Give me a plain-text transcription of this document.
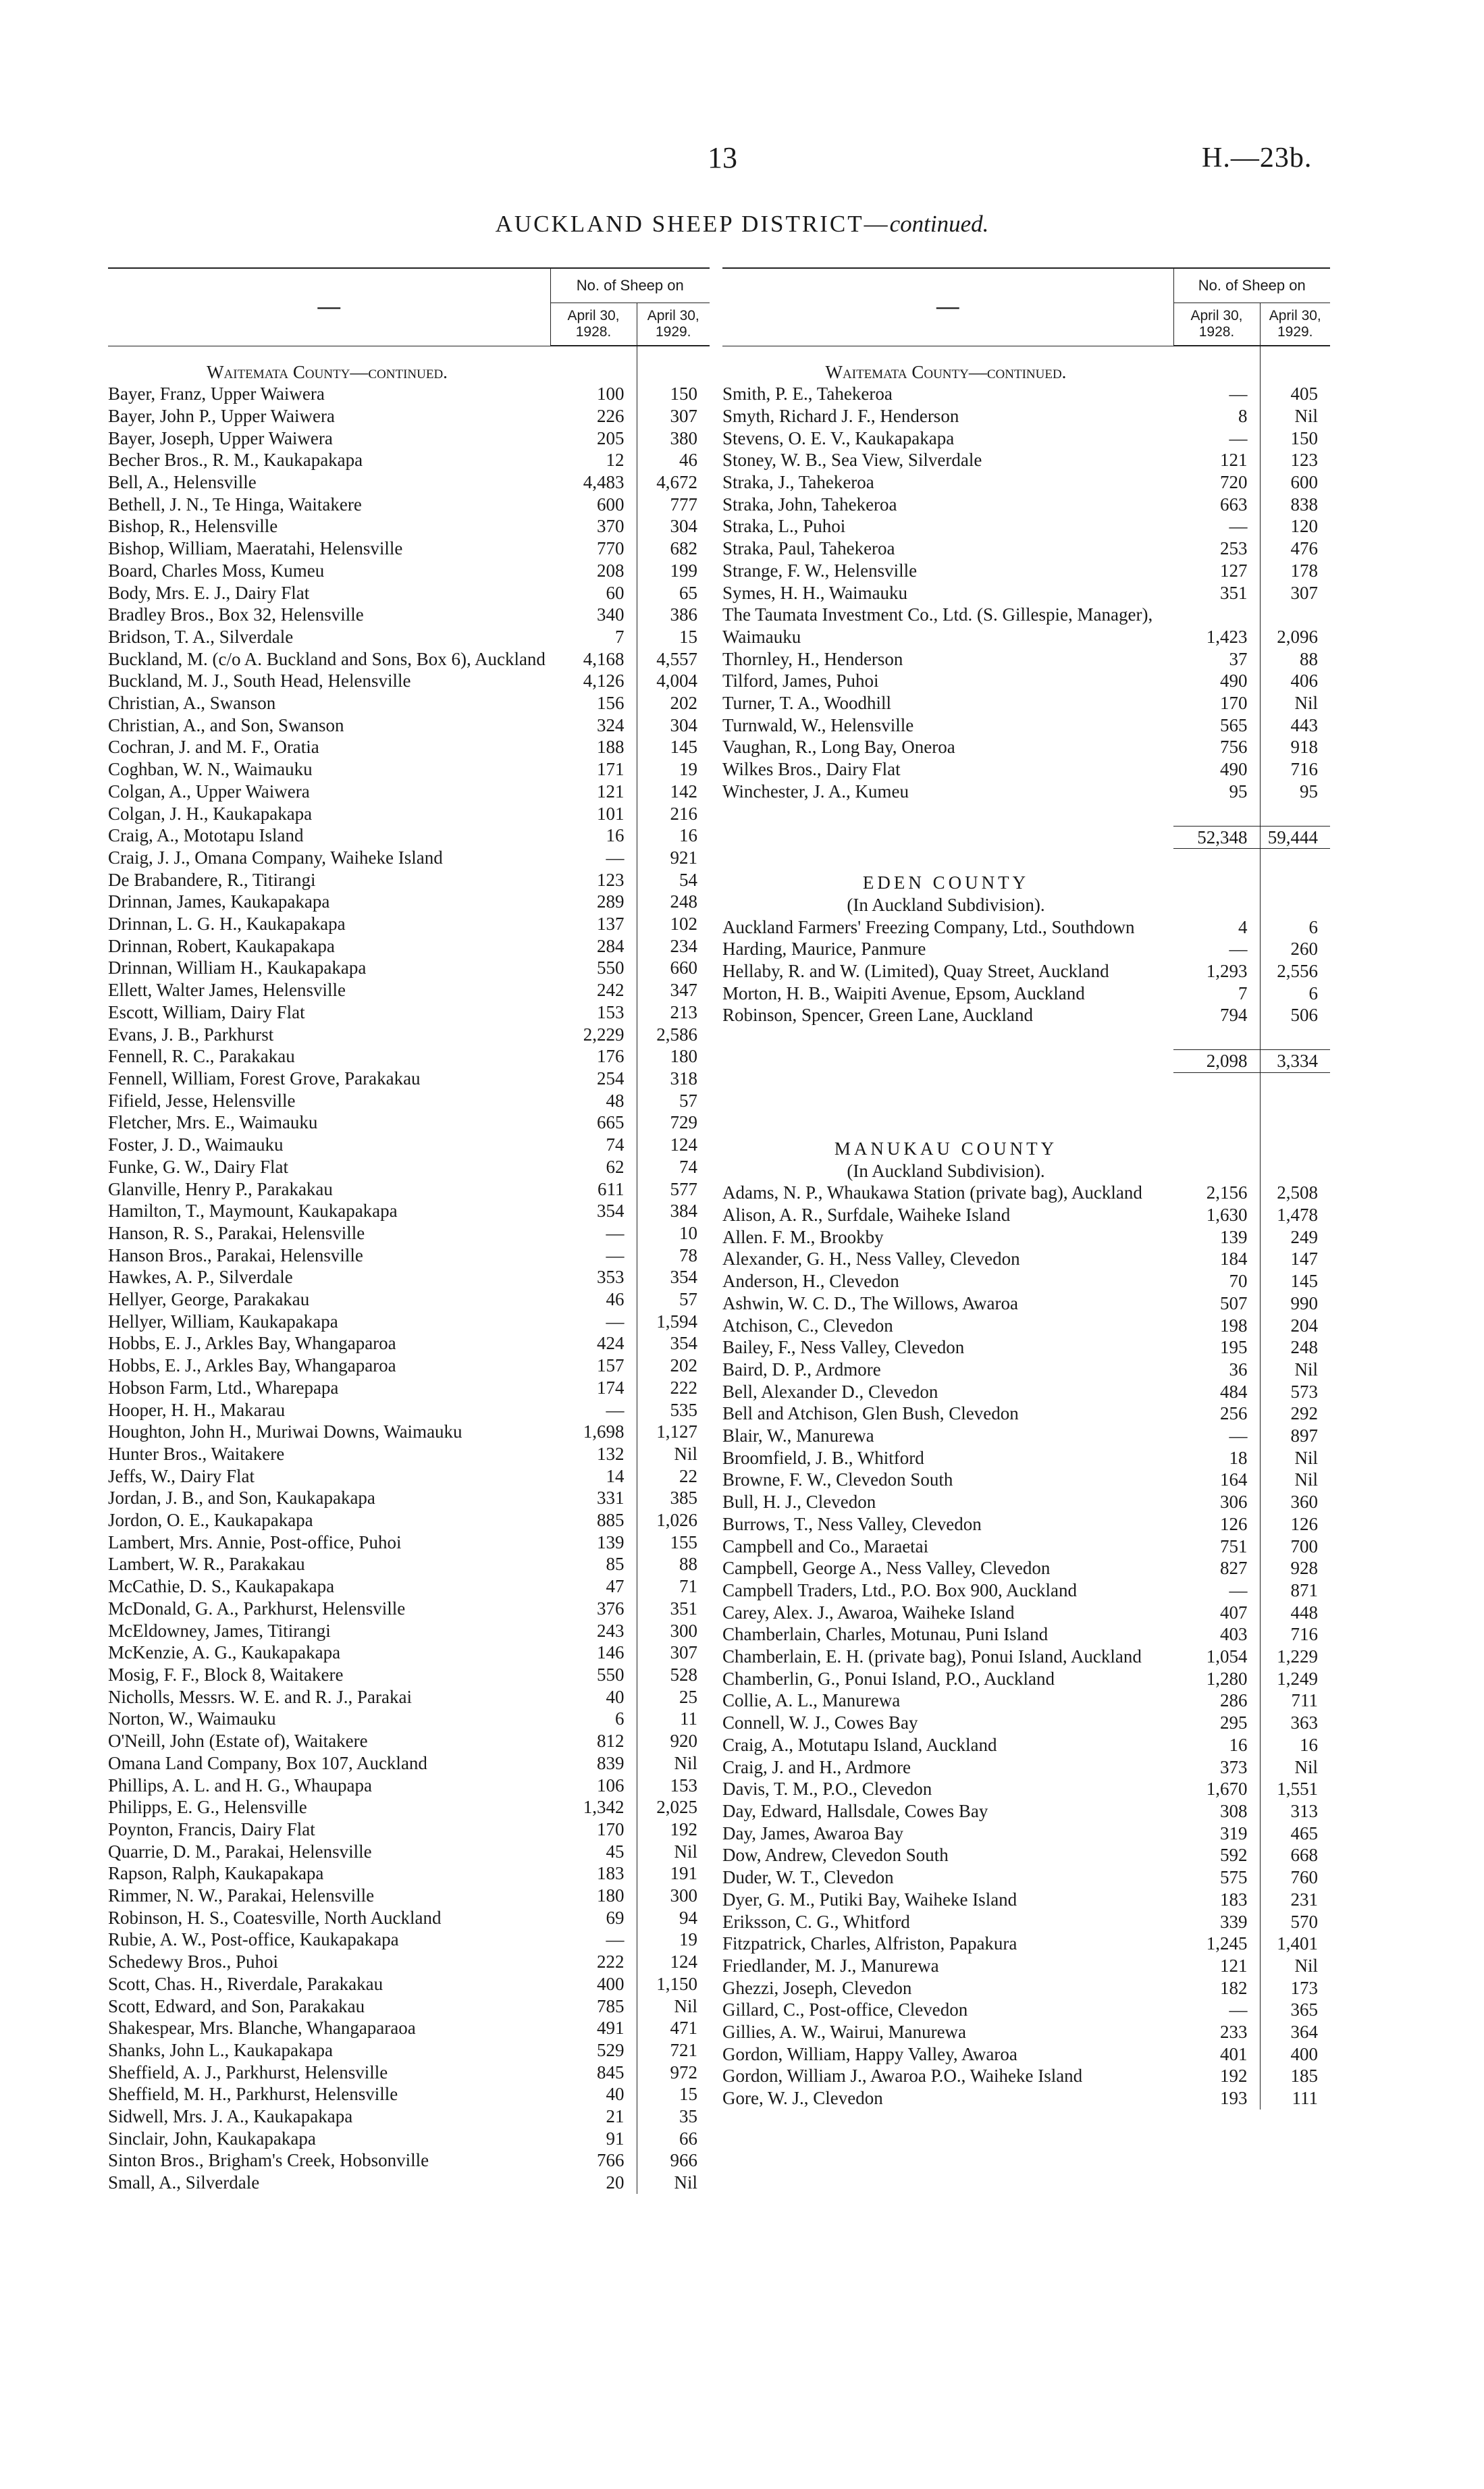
13	H.—23b.
AUCKLAND SHEEP DISTRICT—continued.
—	No. of Sheep on	
	April 30,
1928.	April 30,
1929.
Waitemata County—continued.		
Bayer, Franz, Upper Waiwera	100	150
Bayer, John P., Upper Waiwera	226	307
Bayer, Joseph, Upper Waiwera	205	380
Becher Bros., R. M., Kaukapakapa	12	46
Bell, A., Helensville	4,483	4,672
Bethell, J. N., Te Hinga, Waitakere	600	777
Bishop, R., Helensville	370	304
Bishop, William, Maeratahi, Helensville	770	682
Board, Charles Moss, Kumeu	208	199
Body, Mrs. E. J., Dairy Flat	60	65
Bradley Bros., Box 32, Helensville	340	386
Bridson, T. A., Silverdale	7	15
Buckland, M. (c/o A. Buckland and Sons, Box 6), Auckland	4,168	4,557
Buckland, M. J., South Head, Helensville	4,126	4,004
Christian, A., Swanson	156	202
Christian, A., and Son, Swanson	324	304
Cochran, J. and M. F., Oratia	188	145
Coghban, W. N., Waimauku	171	19
Colgan, A., Upper Waiwera	121	142
Colgan, J. H., Kaukapakapa	101	216
Craig, A., Mototapu Island	16	16
Craig, J. J., Omana Company, Waiheke Island	—	921
De Brabandere, R., Titirangi	123	54
Drinnan, James, Kaukapakapa	289	248
Drinnan, L. G. H., Kaukapakapa	137	102
Drinnan, Robert, Kaukapakapa	284	234
Drinnan, William H., Kaukapakapa	550	660
Ellett, Walter James, Helensville	242	347
Escott, William, Dairy Flat	153	213
Evans, J. B., Parkhurst	2,229	2,586
Fennell, R. C., Parakakau	176	180
Fennell, William, Forest Grove, Parakakau	254	318
Fifield, Jesse, Helensville	48	57
Fletcher, Mrs. E., Waimauku	665	729
Foster, J. D., Waimauku	74	124
Funke, G. W., Dairy Flat	62	74
Glanville, Henry P., Parakakau	611	577
Hamilton, T., Maymount, Kaukapakapa	354	384
Hanson, R. S., Parakai, Helensville	—	10
Hanson Bros., Parakai, Helensville	—	78
Hawkes, A. P., Silverdale	353	354
Hellyer, George, Parakakau	46	57
Hellyer, William, Kaukapakapa	—	1,594
Hobbs, E. J., Arkles Bay, Whangaparoa	424	354
Hobbs, E. J., Arkles Bay, Whangaparoa	157	202
Hobson Farm, Ltd., Wharepapa	174	222
Hooper, H. H., Makarau	—	535
Houghton, John H., Muriwai Downs, Waimauku	1,698	1,127
Hunter Bros., Waitakere	132	Nil
Jeffs, W., Dairy Flat	14	22
Jordan, J. B., and Son, Kaukapakapa	331	385
Jordon, O. E., Kaukapakapa	885	1,026
Lambert, Mrs. Annie, Post-office, Puhoi	139	155
Lambert, W. R., Parakakau	85	88
McCathie, D. S., Kaukapakapa	47	71
McDonald, G. A., Parkhurst, Helensville	376	351
McEldowney, James, Titirangi	243	300
McKenzie, A. G., Kaukapakapa	146	307
Mosig, F. F., Block 8, Waitakere	550	528
Nicholls, Messrs. W. E. and R. J., Parakai	40	25
Norton, W., Waimauku	6	11
O'Neill, John (Estate of), Waitakere	812	920
Omana Land Company, Box 107, Auckland	839	Nil
Phillips, A. L. and H. G., Whaupapa	106	153
Philipps, E. G., Helensville	1,342	2,025
Poynton, Francis, Dairy Flat	170	192
Quarrie, D. M., Parakai, Helensville	45	Nil
Rapson, Ralph, Kaukapakapa	183	191
Rimmer, N. W., Parakai, Helensville	180	300
Robinson, H. S., Coatesville, North Auckland	69	94
Rubie, A. W., Post-office, Kaukapakapa	—	19
Schedewy Bros., Puhoi	222	124
Scott, Chas. H., Riverdale, Parakakau	400	1,150
Scott, Edward, and Son, Parakakau	785	Nil
Shakespear, Mrs. Blanche, Whangaparaoa	491	471
Shanks, John L., Kaukapakapa	529	721
Sheffield, A. J., Parkhurst, Helensville	845	972
Sheffield, M. H., Parkhurst, Helensville	40	15
Sidwell, Mrs. J. A., Kaukapakapa	21	35
Sinclair, John, Kaukapakapa	91	66
Sinton Bros., Brigham's Creek, Hobsonville	766	966
Small, A., Silverdale	20	Nil
—	No. of Sheep on	
	April 30,
1928.	April 30,
1929.
Waitemata County—continued.		
Smith, P. E., Tahekeroa	—	405
Smyth, Richard J. F., Henderson	8	Nil
Stevens, O. E. V., Kaukapakapa	—	150
Stoney, W. B., Sea View, Silverdale	121	123
Straka, J., Tahekeroa	720	600
Straka, John, Tahekeroa	663	838
Straka, L., Puhoi	—	120
Straka, Paul, Tahekeroa	253	476
Strange, F. W., Helensville	127	178
Symes, H. H., Waimauku	351	307
The Taumata Investment Co., Ltd. (S. Gillespie, Manager), Waimauku	1,423	2,096
Thornley, H., Henderson	37	88
Tilford, James, Puhoi	490	406
Turner, T. A., Woodhill	170	Nil
Turnwald, W., Helensville	565	443
Vaughan, R., Long Bay, Oneroa	756	918
Wilkes Bros., Dairy Flat	490	716
Winchester, J. A., Kumeu	95	95

	52,348	59,444

EDEN COUNTY		
(In Auckland Subdivision).		
Auckland Farmers' Freezing Company, Ltd., Southdown	4	6
Harding, Maurice, Panmure	—	260
Hellaby, R. and W. (Limited), Quay Street, Auckland	1,293	2,556
Morton, H. B., Waipiti Avenue, Epsom, Auckland	7	6
Robinson, Spencer, Green Lane, Auckland	794	506

	2,098	3,334

MANUKAU COUNTY		
(In Auckland Subdivision).		
Adams, N. P., Whaukawa Station (private bag), Auckland	2,156	2,508
Alison, A. R., Surfdale, Waiheke Island	1,630	1,478
Allen. F. M., Brookby	139	249
Alexander, G. H., Ness Valley, Clevedon	184	147
Anderson, H., Clevedon	70	145
Ashwin, W. C. D., The Willows, Awaroa	507	990
Atchison, C., Clevedon	198	204
Bailey, F., Ness Valley, Clevedon	195	248
Baird, D. P., Ardmore	36	Nil
Bell, Alexander D., Clevedon	484	573
Bell and Atchison, Glen Bush, Clevedon	256	292
Blair, W., Manurewa	—	897
Broomfield, J. B., Whitford	18	Nil
Browne, F. W., Clevedon South	164	Nil
Bull, H. J., Clevedon	306	360
Burrows, T., Ness Valley, Clevedon	126	126
Campbell and Co., Maraetai	751	700
Campbell, George A., Ness Valley, Clevedon	827	928
Campbell Traders, Ltd., P.O. Box 900, Auckland	—	871
Carey, Alex. J., Awaroa, Waiheke Island	407	448
Chamberlain, Charles, Motunau, Puni Island	403	716
Chamberlain, E. H. (private bag), Ponui Island, Auckland	1,054	1,229
Chamberlin, G., Ponui Island, P.O., Auckland	1,280	1,249
Collie, A. L., Manurewa	286	711
Connell, W. J., Cowes Bay	295	363
Craig, A., Motutapu Island, Auckland	16	16
Craig, J. and H., Ardmore	373	Nil
Davis, T. M., P.O., Clevedon	1,670	1,551
Day, Edward, Hallsdale, Cowes Bay	308	313
Day, James, Awaroa Bay	319	465
Dow, Andrew, Clevedon South	592	668
Duder, W. T., Clevedon	575	760
Dyer, G. M., Putiki Bay, Waiheke Island	183	231
Eriksson, C. G., Whitford	339	570
Fitzpatrick, Charles, Alfriston, Papakura	1,245	1,401
Friedlander, M. J., Manurewa	121	Nil
Ghezzi, Joseph, Clevedon	182	173
Gillard, C., Post-office, Clevedon	—	365
Gillies, A. W., Wairui, Manurewa	233	364
Gordon, William, Happy Valley, Awaroa	401	400
Gordon, William J., Awaroa P.O., Waiheke Island	192	185
Gore, W. J., Clevedon	193	111
